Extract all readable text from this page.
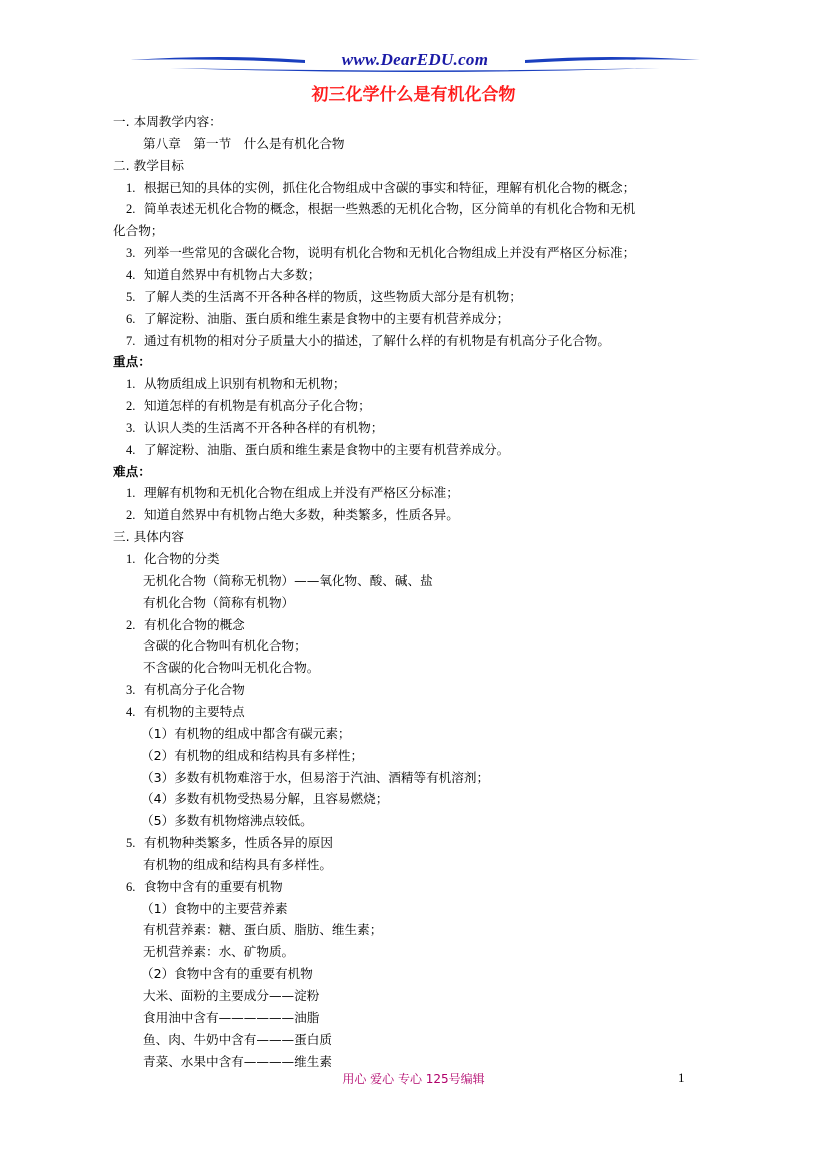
www.DearEDU.com
初三化学什么是有机化合物
一. 本周教学内容：
第八章　第一节　什么是有机化合物
二. 教学目标
1. 根据已知的具体的实例，抓住化合物组成中含碳的事实和特征，理解有机化合物的概念；
2. 简单表述无机化合物的概念，根据一些熟悉的无机化合物，区分简单的有机化合物和无机
化合物；
3. 列举一些常见的含碳化合物，说明有机化合物和无机化合物组成上并没有严格区分标准；
4. 知道自然界中有机物占大多数；
5. 了解人类的生活离不开各种各样的物质，这些物质大部分是有机物；
6. 了解淀粉、油脂、蛋白质和维生素是食物中的主要有机营养成分；
7. 通过有机物的相对分子质量大小的描述，了解什么样的有机物是有机高分子化合物。
重点：
1. 从物质组成上识别有机物和无机物；
2. 知道怎样的有机物是有机高分子化合物；
3. 认识人类的生活离不开各种各样的有机物；
4. 了解淀粉、油脂、蛋白质和维生素是食物中的主要有机营养成分。
难点：
1. 理解有机物和无机化合物在组成上并没有严格区分标准；
2. 知道自然界中有机物占绝大多数，种类繁多，性质各异。
三. 具体内容
1. 化合物的分类
无机化合物（简称无机物）——氧化物、酸、碱、盐
有机化合物（简称有机物）
2. 有机化合物的概念
含碳的化合物叫有机化合物；
不含碳的化合物叫无机化合物。
3. 有机高分子化合物
4. 有机物的主要特点
（1）有机物的组成中都含有碳元素；
（2）有机物的组成和结构具有多样性；
（3）多数有机物难溶于水，但易溶于汽油、酒精等有机溶剂；
（4）多数有机物受热易分解，且容易燃烧；
（5）多数有机物熔沸点较低。
5. 有机物种类繁多，性质各异的原因
有机物的组成和结构具有多样性。
6. 食物中含有的重要有机物
（1）食物中的主要营养素
有机营养素：糖、蛋白质、脂肪、维生素；
无机营养素：水、矿物质。
（2）食物中含有的重要有机物
大米、面粉的主要成分——淀粉
食用油中含有——————油脂
鱼、肉、牛奶中含有———蛋白质
青菜、水果中含有————维生素
用心 爱心 专心 125号编辑	1
